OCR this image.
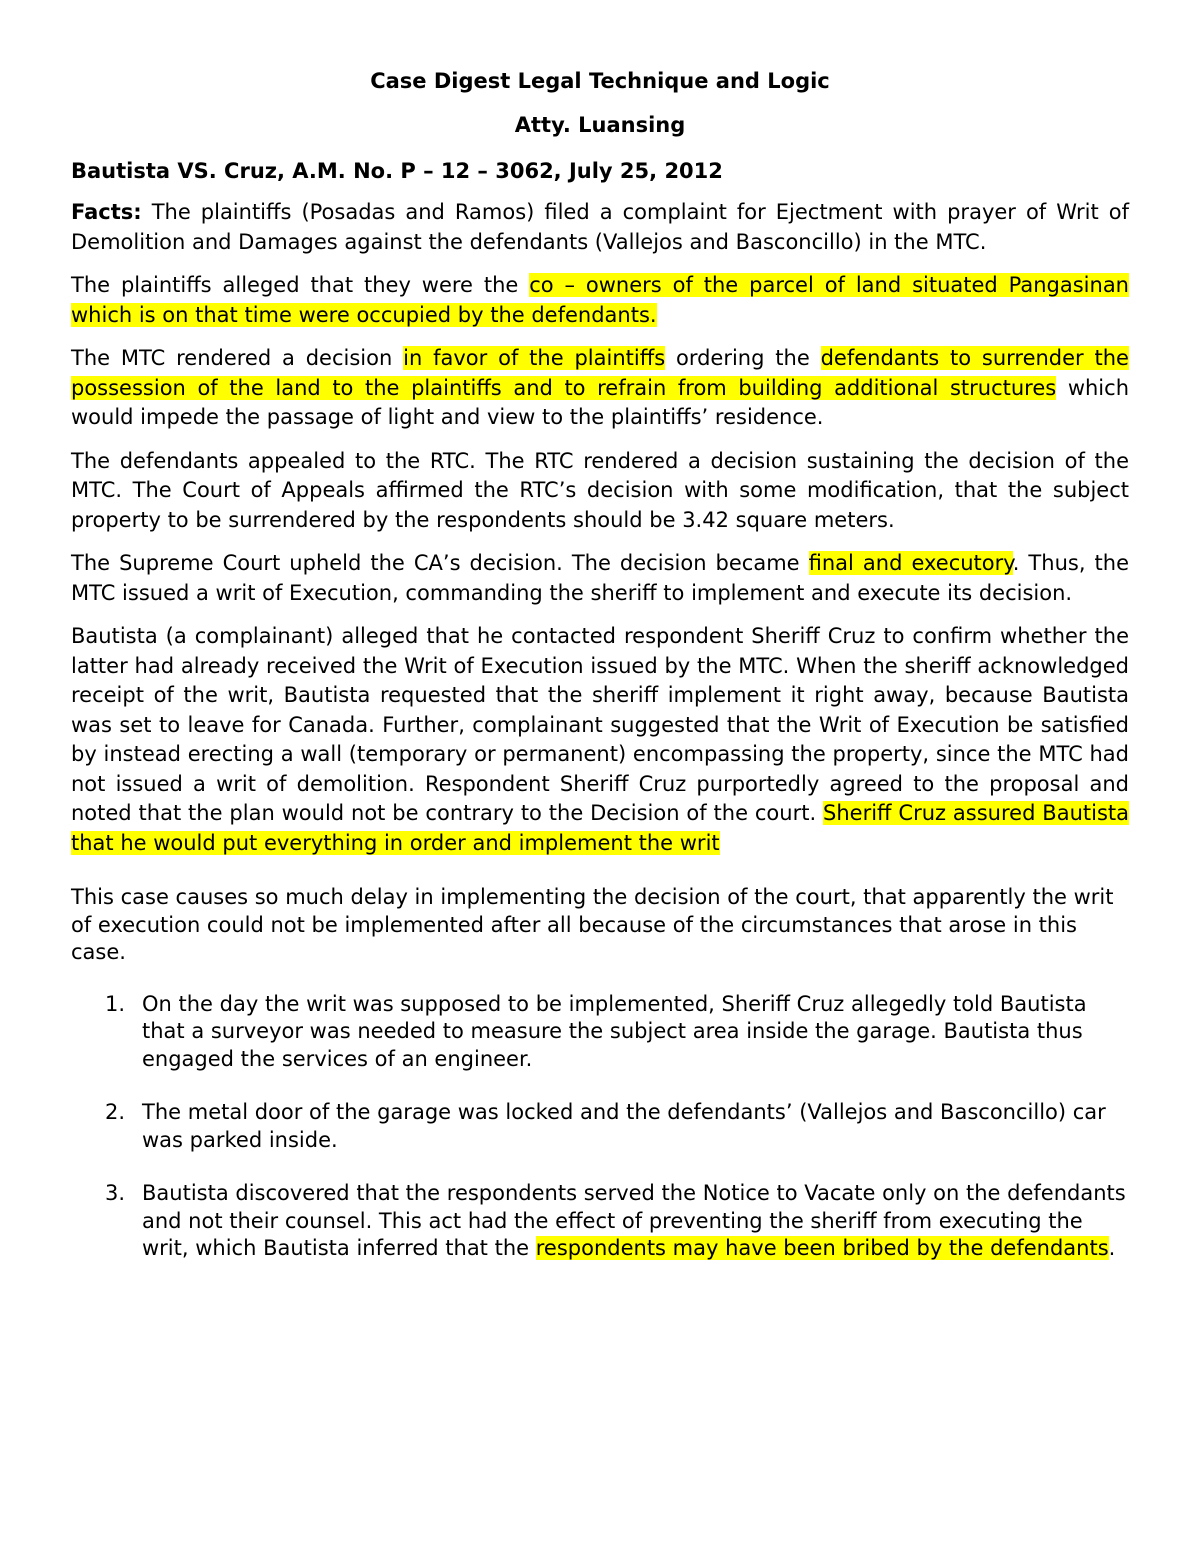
Case Digest Legal Technique and Logic
Atty. Luansing
Bautista VS. Cruz, A.M. No. P – 12 – 3062, July 25, 2012

Facts: The plaintiffs (Posadas and Ramos) filed a complaint for Ejectment with prayer of Writ of Demolition and Damages against the defendants (Vallejos and Basconcillo) in the MTC.

The plaintiffs alleged that they were the co – owners of the parcel of land situated Pangasinan which is on that time were occupied by the defendants.

The MTC rendered a decision in favor of the plaintiffs ordering the defendants to surrender the possession of the land to the plaintiffs and to refrain from building additional structures which would impede the passage of light and view to the plaintiffs’ residence.

The defendants appealed to the RTC. The RTC rendered a decision sustaining the decision of the MTC. The Court of Appeals affirmed the RTC’s decision with some modification, that the subject property to be surrendered by the respondents should be 3.42 square meters.

The Supreme Court upheld the CA’s decision. The decision became final and executory. Thus, the MTC issued a writ of Execution, commanding the sheriff to implement and execute its decision.

Bautista (a complainant) alleged that he contacted respondent Sheriff Cruz to confirm whether the latter had already received the Writ of Execution issued by the MTC. When the sheriff acknowledged receipt of the writ, Bautista requested that the sheriff implement it right away, because Bautista was set to leave for Canada. Further, complainant suggested that the Writ of Execution be satisfied by instead erecting a wall (temporary or permanent) encompassing the property, since the MTC had not issued a writ of demolition. Respondent Sheriff Cruz purportedly agreed to the proposal and noted that the plan would not be contrary to the Decision of the court. Sheriff Cruz assured Bautista that he would put everything in order and implement the writ

This case causes so much delay in implementing the decision of the court, that apparently the writ of execution could not be implemented after all because of the circumstances that arose in this case.

1. On the day the writ was supposed to be implemented, Sheriff Cruz allegedly told Bautista that a surveyor was needed to measure the subject area inside the garage. Bautista thus engaged the services of an engineer.
2. The metal door of the garage was locked and the defendants’ (Vallejos and Basconcillo) car was parked inside.
3. Bautista discovered that the respondents served the Notice to Vacate only on the defendants and not their counsel. This act had the effect of preventing the sheriff from executing the writ, which Bautista inferred that the respondents may have been bribed by the defendants.
